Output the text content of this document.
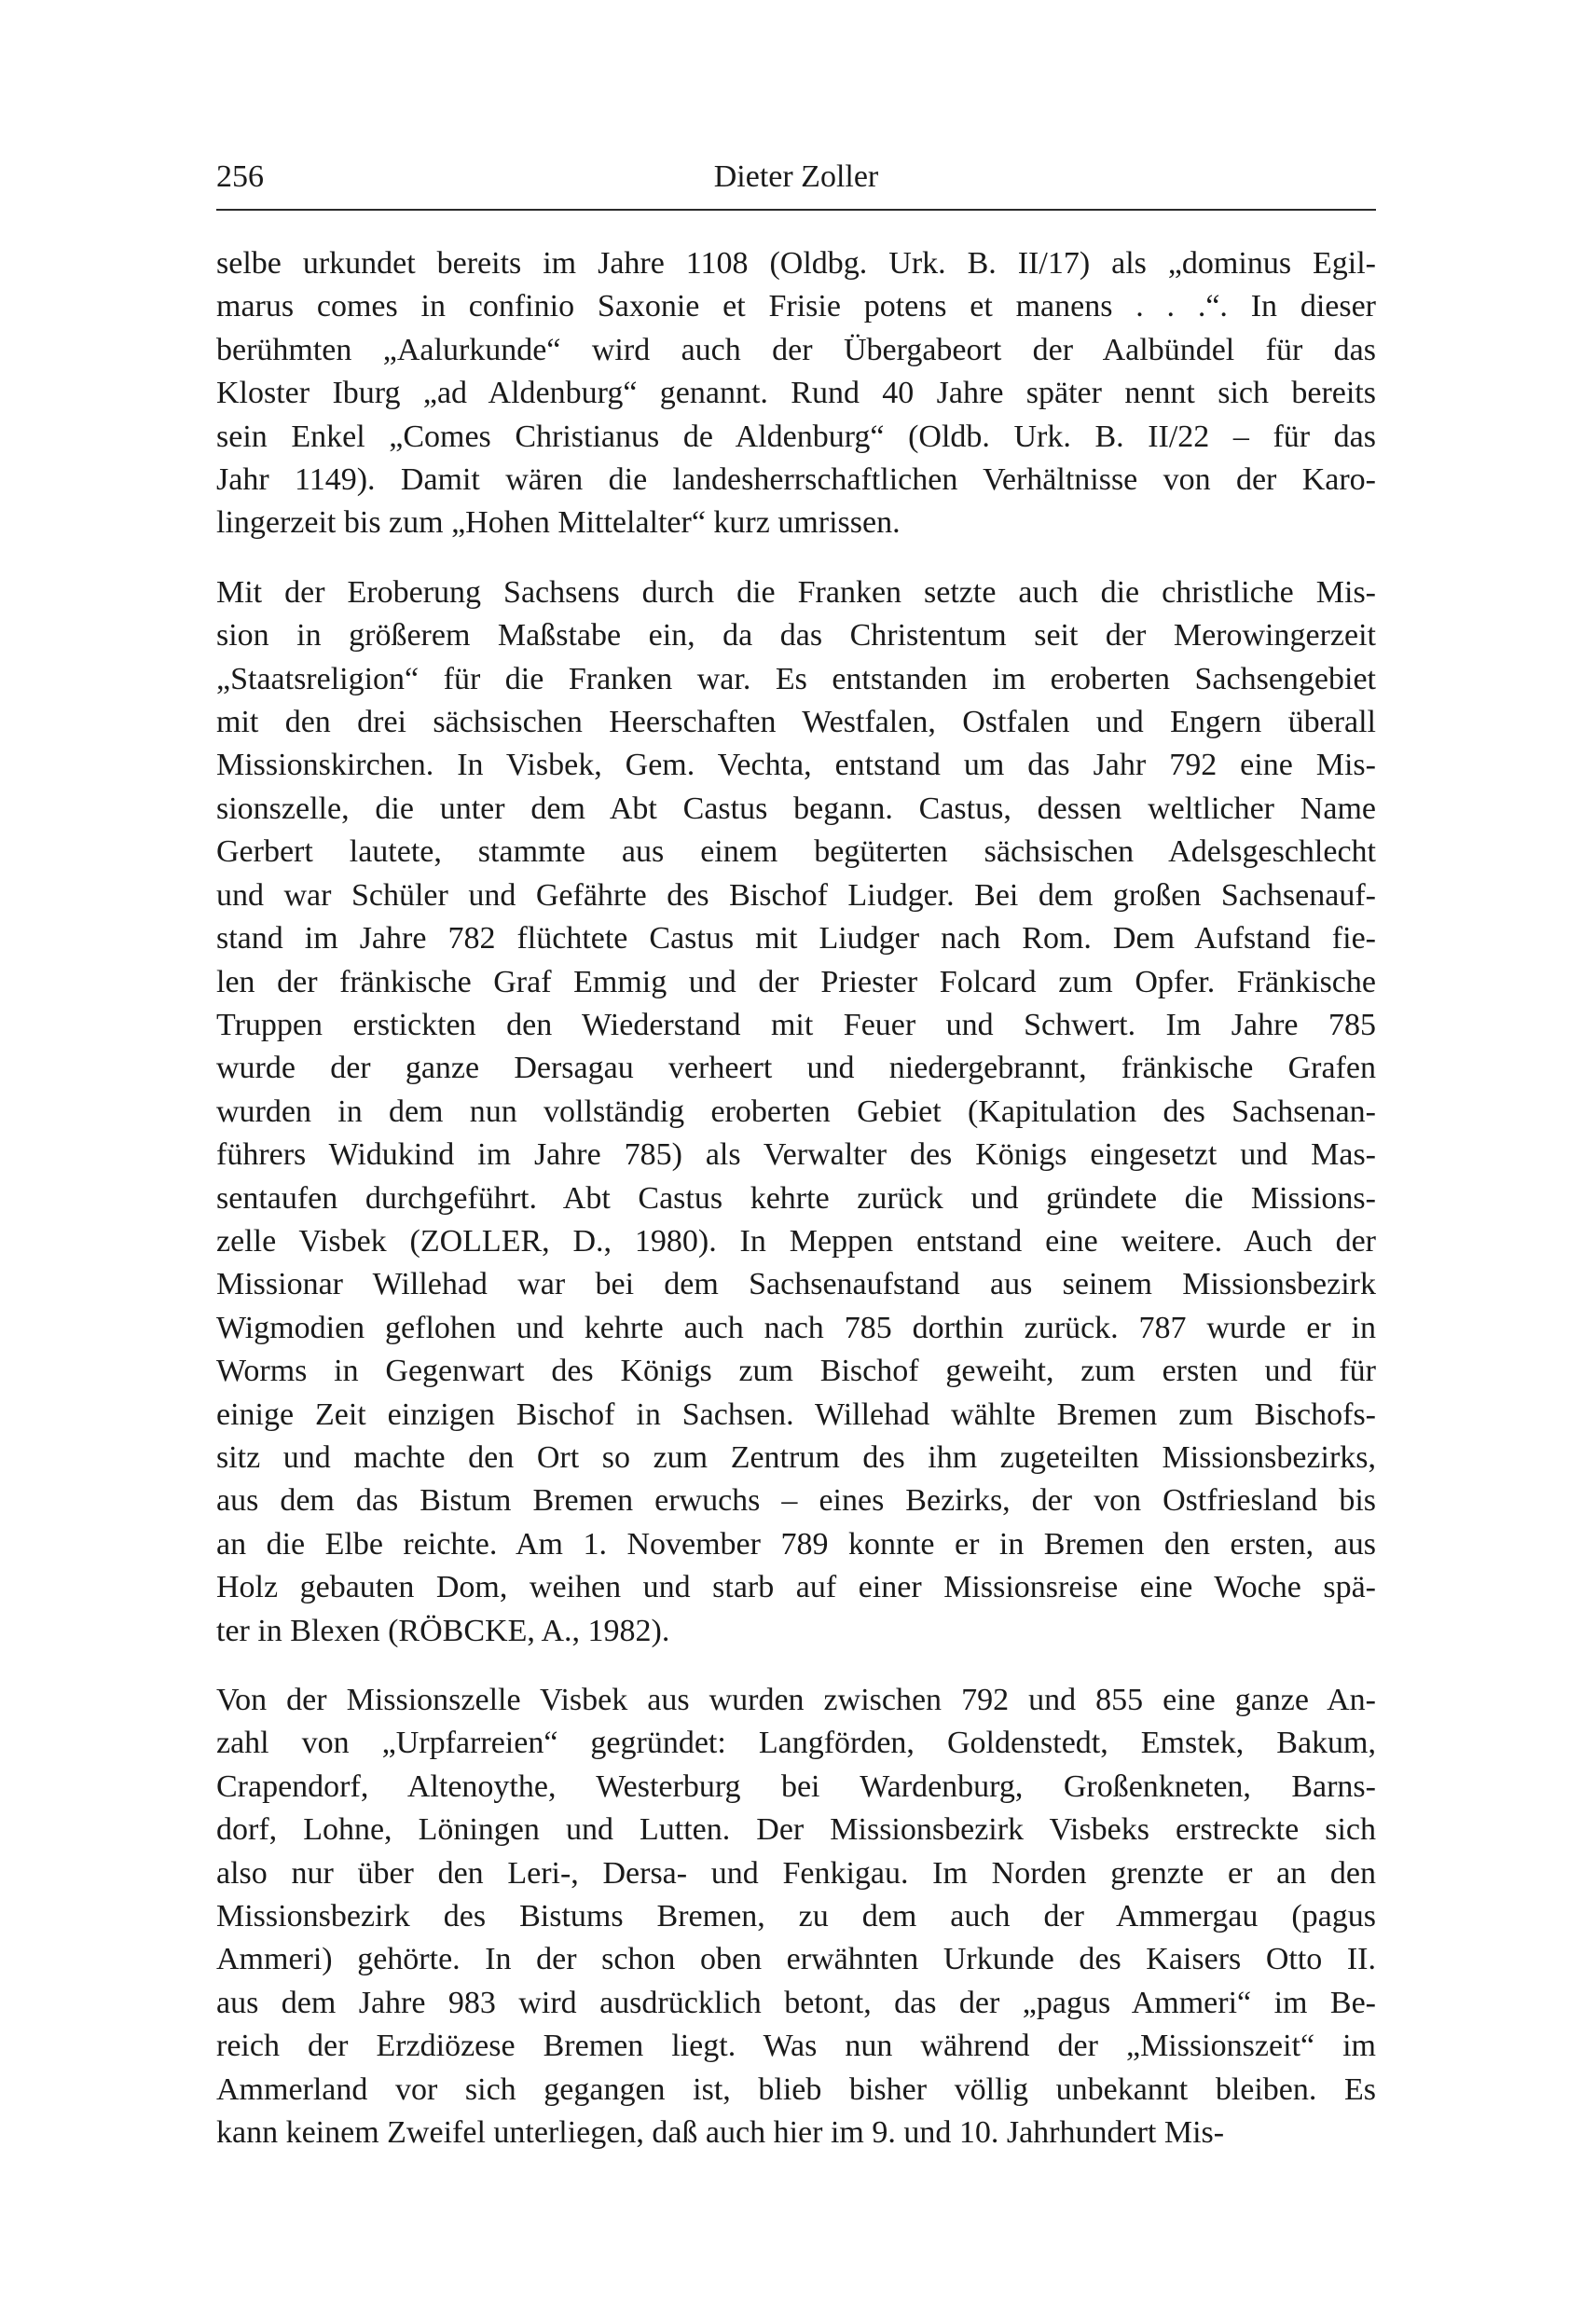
256	Dieter Zoller

selbe urkundet bereits im Jahre 1108 (Oldbg. Urk. B. II/17) als „dominus Egil-
marus comes in confinio Saxonie et Frisie potens et manens . . .“. In dieser
berühmten „Aalurkunde“ wird auch der Übergabeort der Aalbündel für das
Kloster Iburg „ad Aldenburg“ genannt. Rund 40 Jahre später nennt sich bereits
sein Enkel „Comes Christianus de Aldenburg“ (Oldb. Urk. B. II/22 – für das
Jahr 1149). Damit wären die landesherrschaftlichen Verhältnisse von der Karo-
lingerzeit bis zum „Hohen Mittelalter“ kurz umrissen.

Mit der Eroberung Sachsens durch die Franken setzte auch die christliche Mis-
sion in größerem Maßstabe ein, da das Christentum seit der Merowingerzeit
„Staatsreligion“ für die Franken war. Es entstanden im eroberten Sachsengebiet
mit den drei sächsischen Heerschaften Westfalen, Ostfalen und Engern überall
Missionskirchen. In Visbek, Gem. Vechta, entstand um das Jahr 792 eine Mis-
sionszelle, die unter dem Abt Castus begann. Castus, dessen weltlicher Name
Gerbert lautete, stammte aus einem begüterten sächsischen Adelsgeschlecht
und war Schüler und Gefährte des Bischof Liudger. Bei dem großen Sachsenauf-
stand im Jahre 782 flüchtete Castus mit Liudger nach Rom. Dem Aufstand fie-
len der fränkische Graf Emmig und der Priester Folcard zum Opfer. Fränkische
Truppen erstickten den Wiederstand mit Feuer und Schwert. Im Jahre 785
wurde der ganze Dersagau verheert und niedergebrannt, fränkische Grafen
wurden in dem nun vollständig eroberten Gebiet (Kapitulation des Sachsenan-
führers Widukind im Jahre 785) als Verwalter des Königs eingesetzt und Mas-
sentaufen durchgeführt. Abt Castus kehrte zurück und gründete die Missions-
zelle Visbek (ZOLLER, D., 1980). In Meppen entstand eine weitere. Auch der
Missionar Willehad war bei dem Sachsenaufstand aus seinem Missionsbezirk
Wigmodien geflohen und kehrte auch nach 785 dorthin zurück. 787 wurde er in
Worms in Gegenwart des Königs zum Bischof geweiht, zum ersten und für
einige Zeit einzigen Bischof in Sachsen. Willehad wählte Bremen zum Bischofs-
sitz und machte den Ort so zum Zentrum des ihm zugeteilten Missionsbezirks,
aus dem das Bistum Bremen erwuchs – eines Bezirks, der von Ostfriesland bis
an die Elbe reichte. Am 1. November 789 konnte er in Bremen den ersten, aus
Holz gebauten Dom, weihen und starb auf einer Missionsreise eine Woche spä-
ter in Blexen (RÖBCKE, A., 1982).

Von der Missionszelle Visbek aus wurden zwischen 792 und 855 eine ganze An-
zahl von „Urpfarreien“ gegründet: Langförden, Goldenstedt, Emstek, Bakum,
Crapendorf, Altenoythe, Westerburg bei Wardenburg, Großenkneten, Barns-
dorf, Lohne, Löningen und Lutten. Der Missionsbezirk Visbeks erstreckte sich
also nur über den Leri-, Dersa- und Fenkigau. Im Norden grenzte er an den
Missionsbezirk des Bistums Bremen, zu dem auch der Ammergau (pagus
Ammeri) gehörte. In der schon oben erwähnten Urkunde des Kaisers Otto II.
aus dem Jahre 983 wird ausdrücklich betont, das der „pagus Ammeri“ im Be-
reich der Erzdiözese Bremen liegt. Was nun während der „Missionszeit“ im
Ammerland vor sich gegangen ist, blieb bisher völlig unbekannt bleiben. Es
kann keinem Zweifel unterliegen, daß auch hier im 9. und 10. Jahrhundert Mis-
